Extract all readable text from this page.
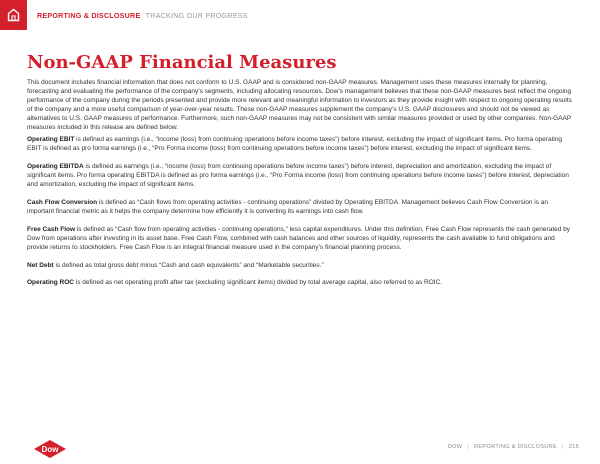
REPORTING & DISCLOSURE TRACKING OUR PROGRESS
Non-GAAP Financial Measures

This document includes financial information that does not conform to U.S. GAAP and is considered non-GAAP measures. Management uses these measures internally for planning, forecasting and evaluating the performance of the company’s segments, including allocating resources. Dow’s management believes that these non-GAAP measures best reflect the ongoing performance of the company during the periods presented and provide more relevant and meaningful information to investors as they provide insight with respect to ongoing operating results of the company and a more useful comparison of year-over-year results. These non-GAAP measures supplement the company’s U.S. GAAP disclosures and should not be viewed as alternatives to U.S. GAAP measures of performance. Furthermore, such non-GAAP measures may not be consistent with similar measures provided or used by other companies. Non-GAAP measures included in this release are defined below.

Operating EBIT is defined as earnings (i.e., “income (loss) from continuing operations before income taxes”) before interest, excluding the impact of significant items. Pro forma operating EBIT is defined as pro forma earnings (i.e., “Pro Forma income (loss) from continuing operations before income taxes”) before interest, excluding the impact of significant items.

Operating EBITDA is defined as earnings (i.e., “income (loss) from continuing operations before income taxes”) before interest, depreciation and amortization, excluding the impact of significant items. Pro forma operating EBITDA is defined as pro forma earnings (i.e., “Pro Forma income (loss) from continuing operations before income taxes”) before interest, depreciation and amortization, excluding the impact of significant items.

Cash Flow Conversion is defined as “Cash flows from operating activities - continuing operations” divided by Operating EBITDA. Management believes Cash Flow Conversion is an important financial metric as it helps the company determine how efficiently it is converting its earnings into cash flow.

Free Cash Flow is defined as “Cash flow from operating activities - continuing operations,” less capital expenditures. Under this definition, Free Cash Flow represents the cash generated by Dow from operations after investing in its asset base. Free Cash Flow, combined with cash balances and other sources of liquidity, represents the cash available to fund obligations and provide returns to stockholders. Free Cash Flow is an integral financial measure used in the company’s financial planning process.

Net Debt is defined as total gross debt minus “Cash and cash equivalents” and “Marketable securities.”

Operating ROC is defined as net operating profit after tax (excluding significant items) divided by total average capital, also referred to as ROIC.

Dow	DOW | REPORTING & DISCLOSURE | 215
